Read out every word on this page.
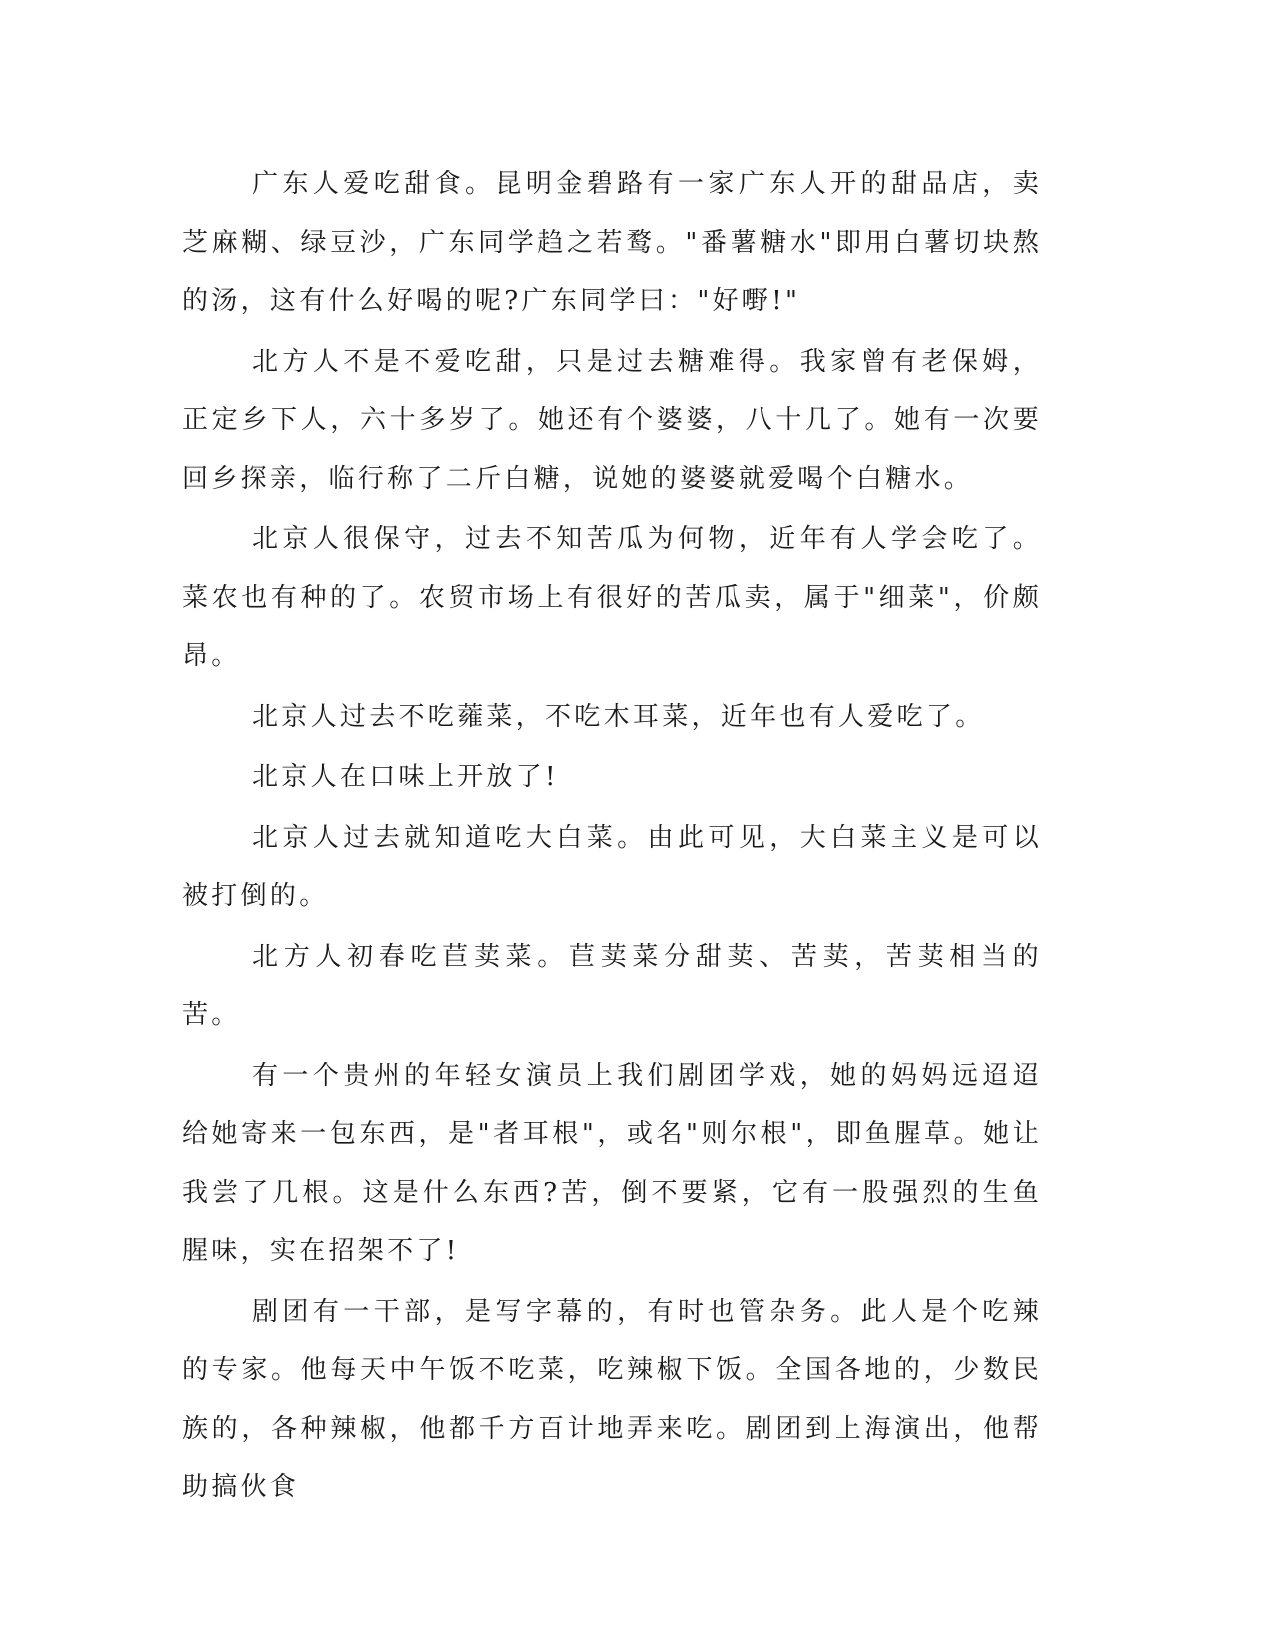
广东人爱吃甜食。昆明金碧路有一家广东人开的甜品店，卖芝麻糊、绿豆沙，广东同学趋之若鹜。"番薯糖水"即用白薯切块熬的汤，这有什么好喝的呢?广东同学曰："好嘢!"

北方人不是不爱吃甜，只是过去糖难得。我家曾有老保姆，正定乡下人，六十多岁了。她还有个婆婆，八十几了。她有一次要回乡探亲，临行称了二斤白糖，说她的婆婆就爱喝个白糖水。

北京人很保守，过去不知苦瓜为何物，近年有人学会吃了。菜农也有种的了。农贸市场上有很好的苦瓜卖，属于"细菜"，价颇昂。

北京人过去不吃蕹菜，不吃木耳菜，近年也有人爱吃了。

北京人在口味上开放了!

北京人过去就知道吃大白菜。由此可见，大白菜主义是可以被打倒的。

北方人初春吃苣荬菜。苣荬菜分甜荬、苦荬，苦荬相当的苦。

有一个贵州的年轻女演员上我们剧团学戏，她的妈妈远迢迢给她寄来一包东西，是"者耳根"，或名"则尔根"，即鱼腥草。她让我尝了几根。这是什么东西?苦，倒不要紧，它有一股强烈的生鱼腥味，实在招架不了!

剧团有一干部，是写字幕的，有时也管杂务。此人是个吃辣的专家。他每天中午饭不吃菜，吃辣椒下饭。全国各地的，少数民族的，各种辣椒，他都千方百计地弄来吃。剧团到上海演出，他帮助搞伙食
